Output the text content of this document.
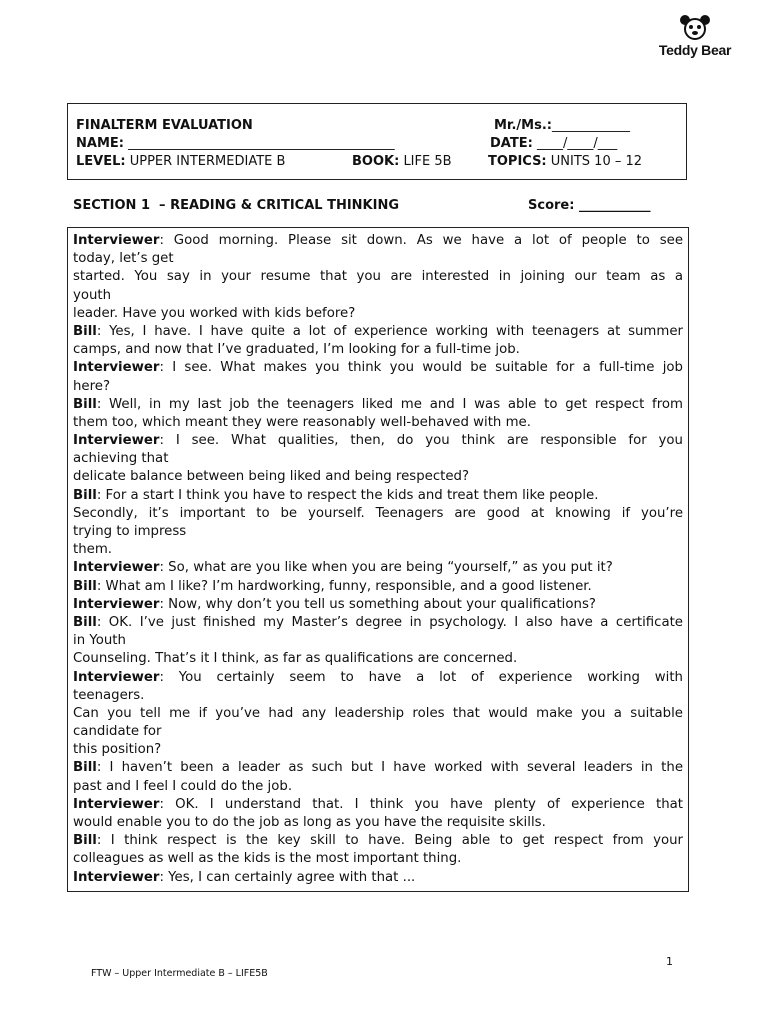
Teddy Bear
FINALTERM EVALUATION	Mr./Ms.:____________
NAME: _________________________________________	DATE: ____/____/___
LEVEL: UPPER INTERMEDIATE B	BOOK: LIFE 5B	TOPICS: UNITS 10 – 12
SECTION 1  – READING & CRITICAL THINKING	Score: ___________
Interviewer: Good morning. Please sit down. As we have a lot of people to see
today, let’s get
started. You say in your resume that you are interested in joining our team as a
youth
leader. Have you worked with kids before?
Bill: Yes, I have. I have quite a lot of experience working with teenagers at summer
camps, and now that I’ve graduated, I’m looking for a full-time job.
Interviewer: I see. What makes you think you would be suitable for a full-time job
here?
Bill: Well, in my last job the teenagers liked me and I was able to get respect from
them too, which meant they were reasonably well-behaved with me.
Interviewer: I see. What qualities, then, do you think are responsible for you
achieving that
delicate balance between being liked and being respected?
Bill: For a start I think you have to respect the kids and treat them like people.
Secondly, it’s important to be yourself. Teenagers are good at knowing if you’re
trying to impress
them.
Interviewer: So, what are you like when you are being “yourself,” as you put it?
Bill: What am I like? I’m hardworking, funny, responsible, and a good listener.
Interviewer: Now, why don’t you tell us something about your qualifications?
Bill: OK. I’ve just finished my Master’s degree in psychology. I also have a certificate
in Youth
Counseling. That’s it I think, as far as qualifications are concerned.
Interviewer: You certainly seem to have a lot of experience working with
teenagers.
Can you tell me if you’ve had any leadership roles that would make you a suitable
candidate for
this position?
Bill: I haven’t been a leader as such but I have worked with several leaders in the
past and I feel I could do the job.
Interviewer: OK. I understand that. I think you have plenty of experience that
would enable you to do the job as long as you have the requisite skills.
Bill: I think respect is the key skill to have. Being able to get respect from your
colleagues as well as the kids is the most important thing.
Interviewer: Yes, I can certainly agree with that ...
1
FTW – Upper Intermediate B – LIFE5B
